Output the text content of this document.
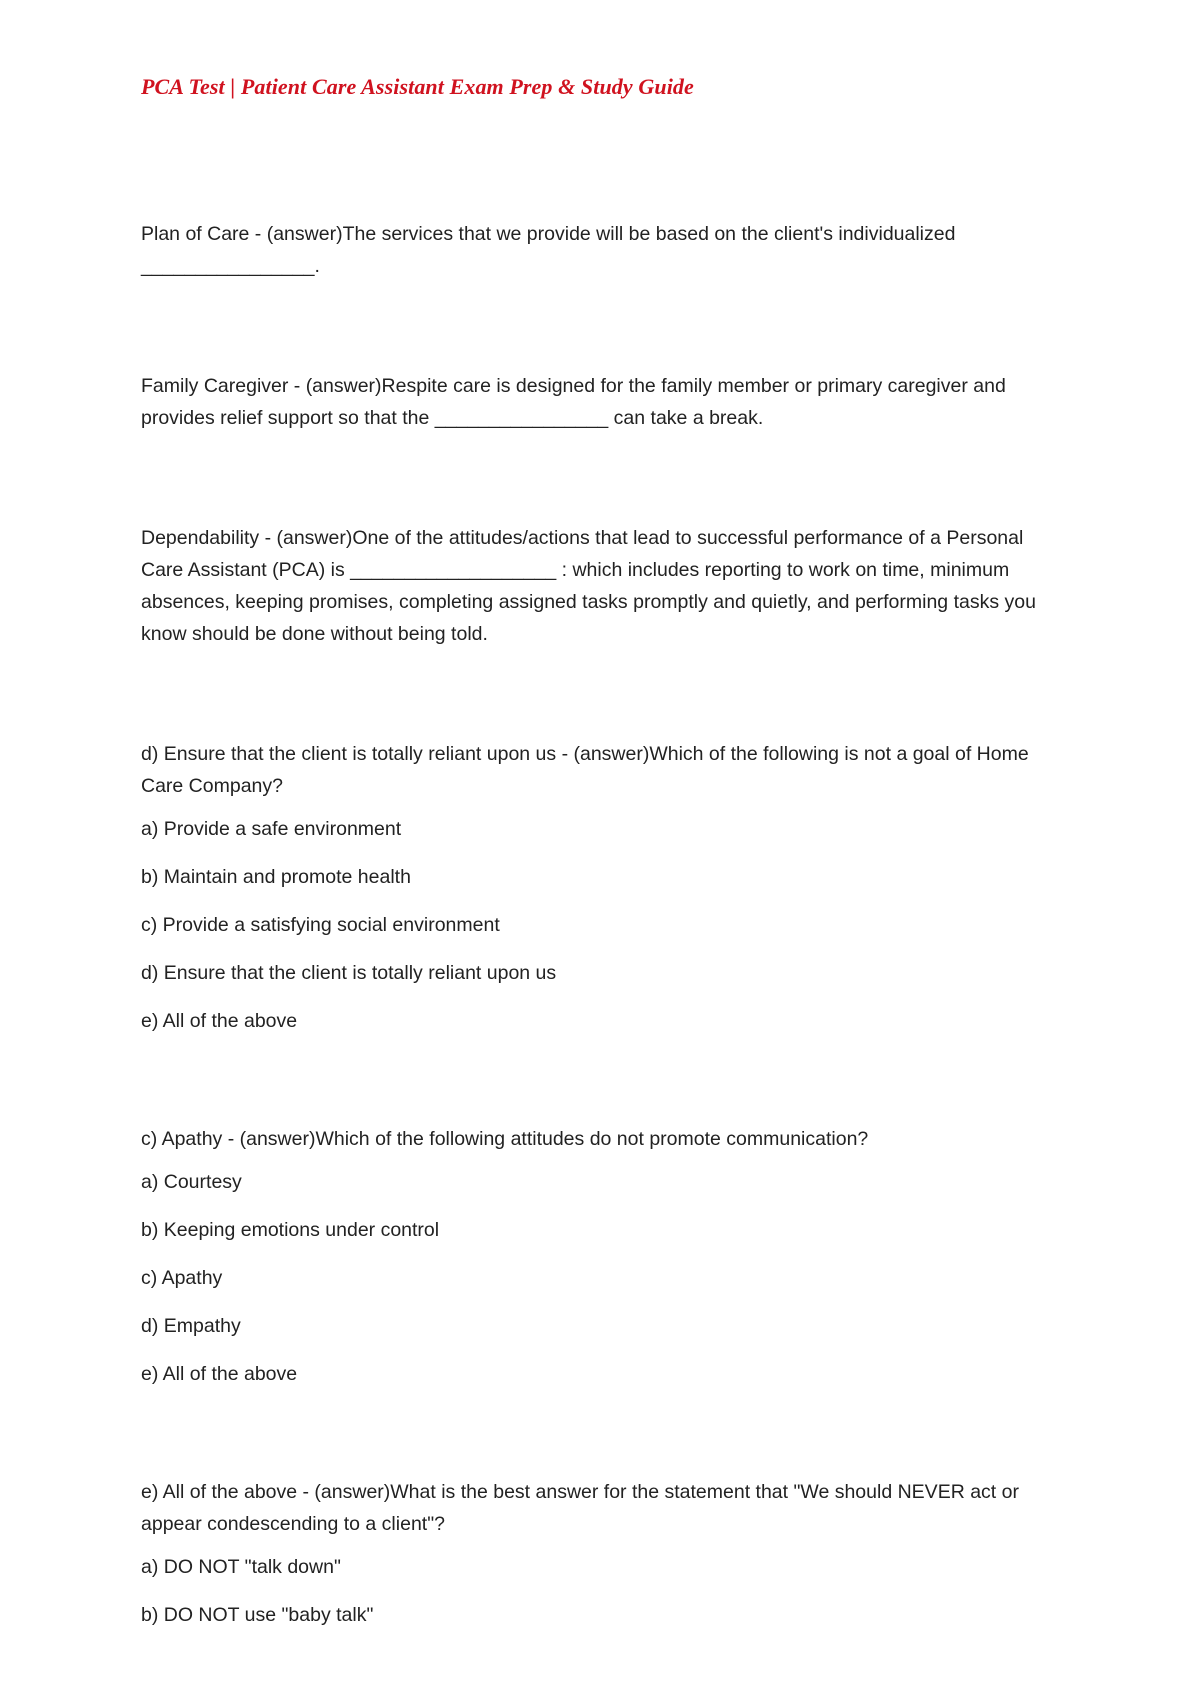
PCA Test | Patient Care Assistant Exam Prep & Study Guide

Plan of Care - (answer)The services that we provide will be based on the client's individualized ________________.

Family Caregiver - (answer)Respite care is designed for the family member or primary caregiver and provides relief support so that the ________________ can take a break.

Dependability - (answer)One of the attitudes/actions that lead to successful performance of a Personal Care Assistant (PCA) is ___________________ : which includes reporting to work on time, minimum absences, keeping promises, completing assigned tasks promptly and quietly, and performing tasks you know should be done without being told.

d) Ensure that the client is totally reliant upon us - (answer)Which of the following is not a goal of Home Care Company?

a) Provide a safe environment

b) Maintain and promote health

c) Provide a satisfying social environment

d) Ensure that the client is totally reliant upon us

e) All of the above

c) Apathy - (answer)Which of the following attitudes do not promote communication?

a) Courtesy

b) Keeping emotions under control

c) Apathy

d) Empathy

e) All of the above

e) All of the above - (answer)What is the best answer for the statement that "We should NEVER act or appear condescending to a client"?

a) DO NOT "talk down"

b) DO NOT use "baby talk"
